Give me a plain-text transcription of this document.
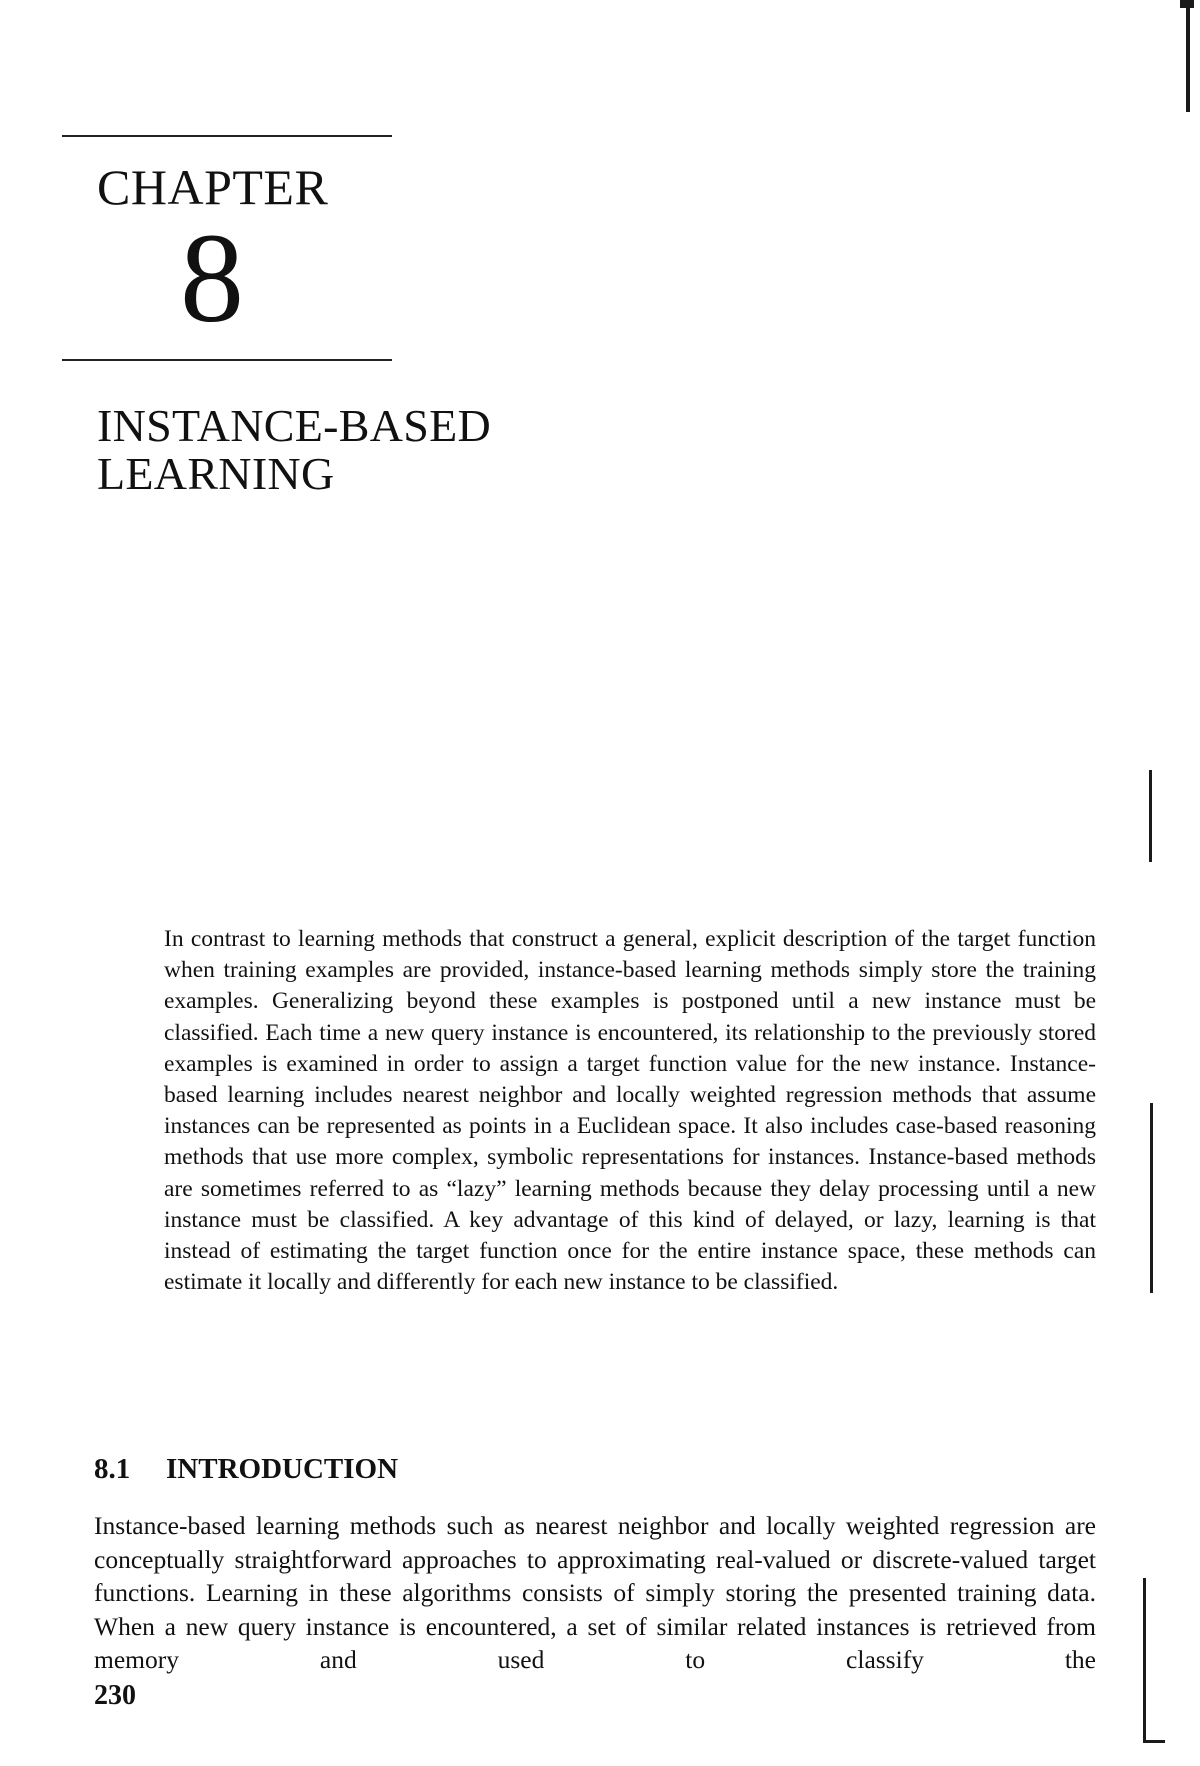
CHAPTER
8
INSTANCE-BASED
LEARNING

In contrast to learning methods that construct a general, explicit description of the target function when training examples are provided, instance-based learning methods simply store the training examples. Generalizing beyond these examples is postponed until a new instance must be classified. Each time a new query instance is encountered, its relationship to the previously stored examples is examined in order to assign a target function value for the new instance. Instance-based learning includes nearest neighbor and locally weighted regression methods that assume instances can be represented as points in a Euclidean space. It also includes case-based reasoning methods that use more complex, symbolic representations for instances. Instance-based methods are sometimes referred to as “lazy” learning methods because they delay processing until a new instance must be classified. A key advantage of this kind of delayed, or lazy, learning is that instead of estimating the target function once for the entire instance space, these methods can estimate it locally and differently for each new instance to be classified.

8.1 INTRODUCTION

Instance-based learning methods such as nearest neighbor and locally weighted regression are conceptually straightforward approaches to approximating real-valued or discrete-valued target functions. Learning in these algorithms consists of simply storing the presented training data. When a new query instance is encountered, a set of similar related instances is retrieved from memory and used to classify the

230
